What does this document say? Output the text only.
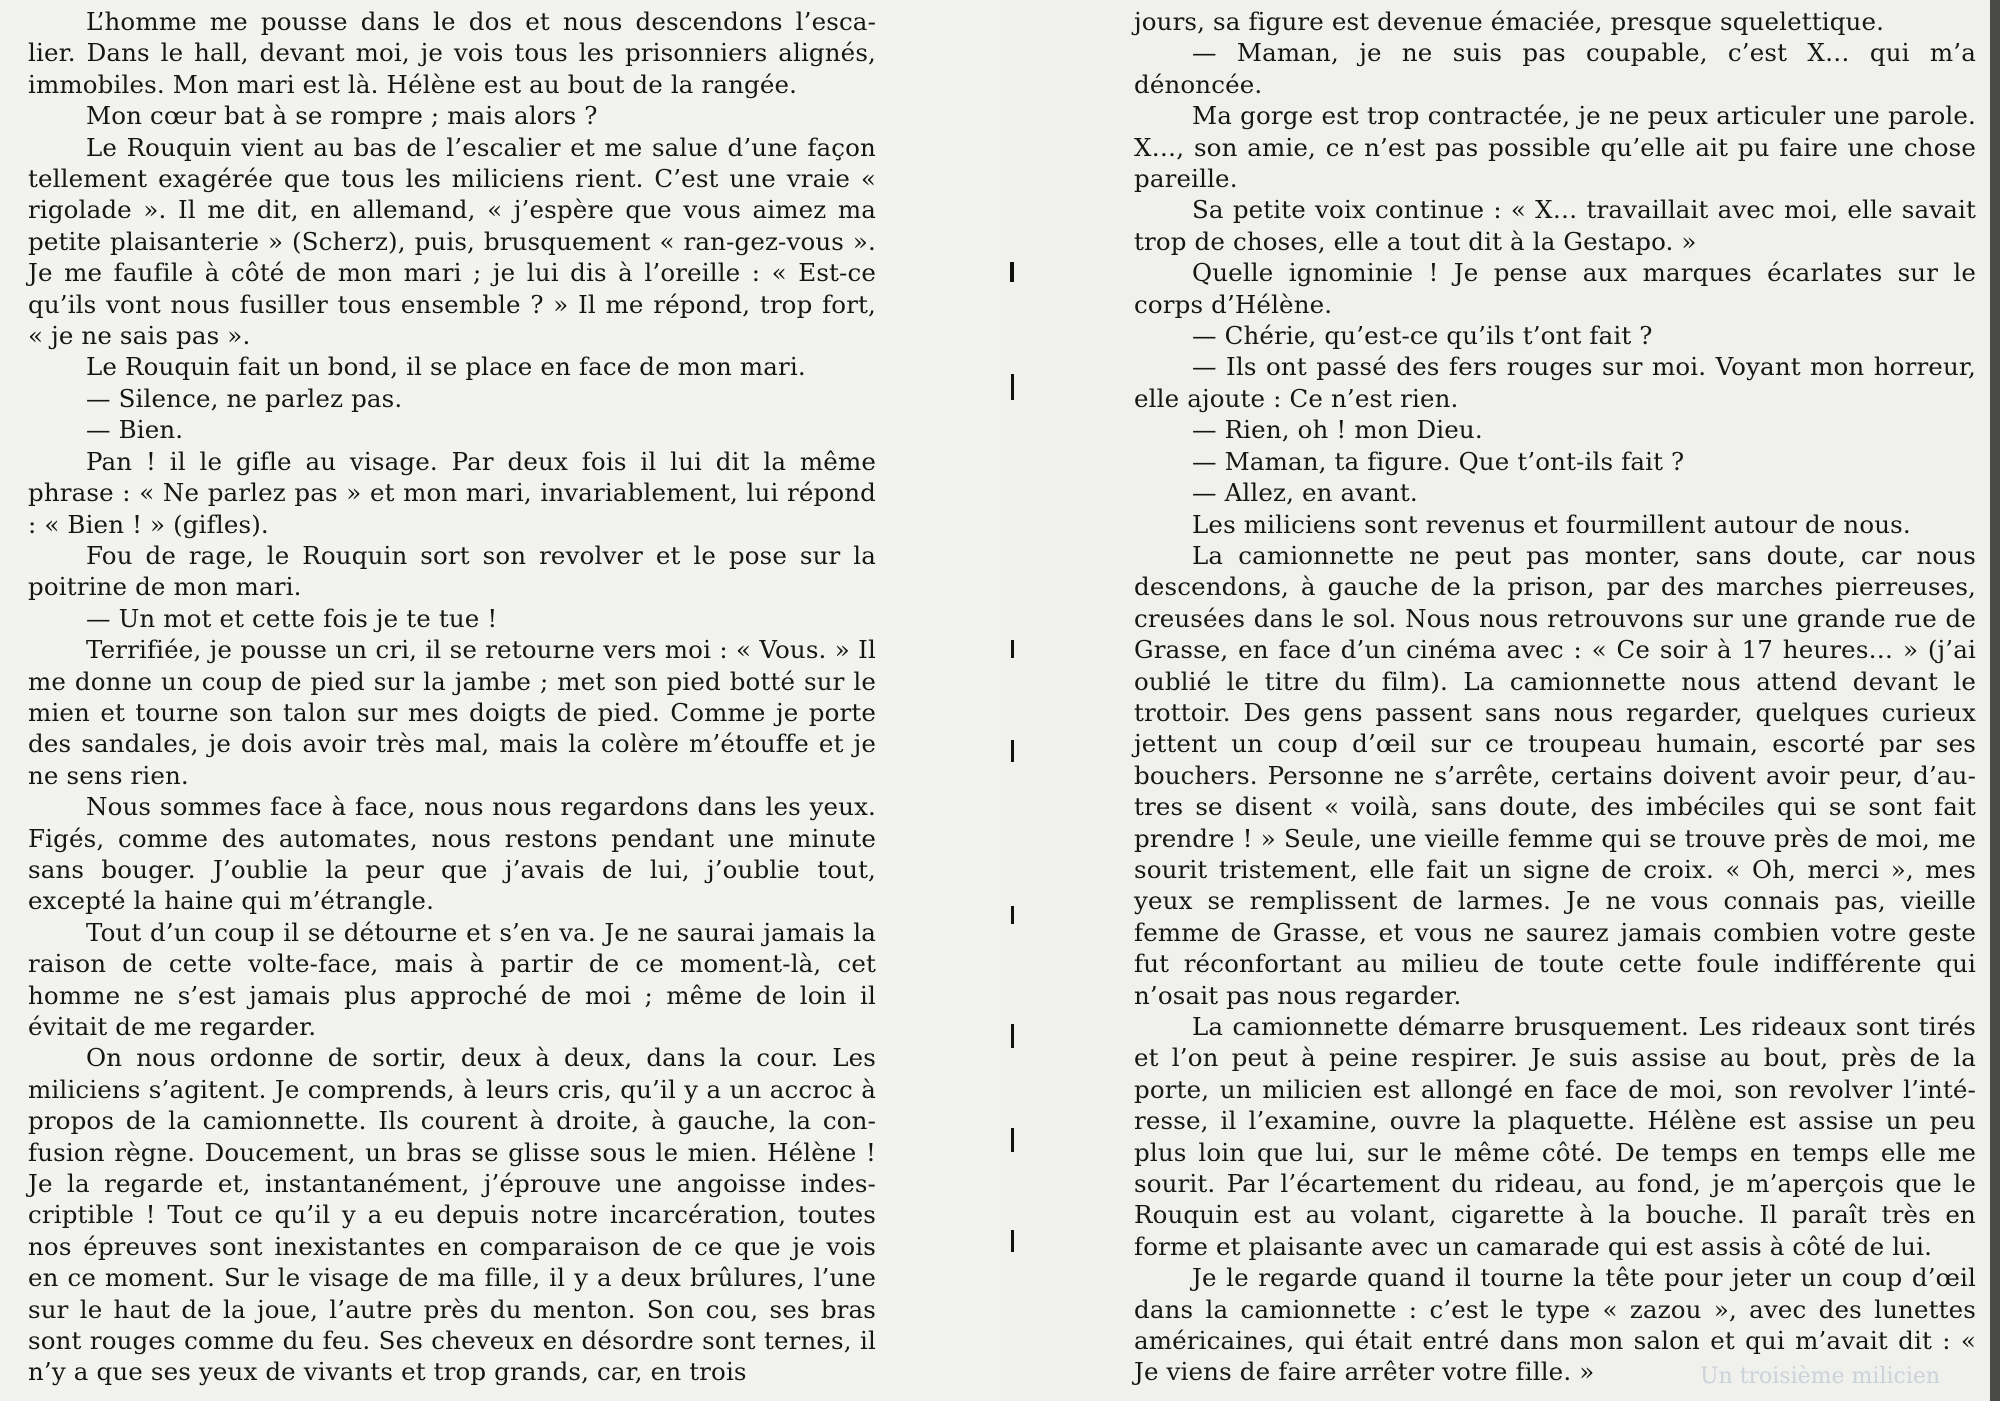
L’homme me pousse dans le dos et nous descendons l’esca-lier. Dans le hall, devant moi, je vois tous les prisonniers alignés, immobiles. Mon mari est là. Hélène est au bout de la rangée.

Mon cœur bat à se rompre ; mais alors ?

Le Rouquin vient au bas de l’escalier et me salue d’une façon tellement exagérée que tous les miliciens rient. C’est une vraie « rigolade ». Il me dit, en allemand, « j’espère que vous aimez ma petite plaisanterie » (Scherz), puis, brusquement « ran-gez-vous ». Je me faufile à côté de mon mari ; je lui dis à l’oreille : « Est-ce qu’ils vont nous fusiller tous ensemble ? » Il me répond, trop fort, « je ne sais pas ».

Le Rouquin fait un bond, il se place en face de mon mari.

— Silence, ne parlez pas.

— Bien.

Pan ! il le gifle au visage. Par deux fois il lui dit la même phrase : « Ne parlez pas » et mon mari, invariablement, lui répond : « Bien ! » (gifles).

Fou de rage, le Rouquin sort son revolver et le pose sur la poitrine de mon mari.

— Un mot et cette fois je te tue !

Terrifiée, je pousse un cri, il se retourne vers moi : « Vous. » Il me donne un coup de pied sur la jambe ; met son pied botté sur le mien et tourne son talon sur mes doigts de pied. Comme je porte des sandales, je dois avoir très mal, mais la colère m’étouffe et je ne sens rien.

Nous sommes face à face, nous nous regardons dans les yeux. Figés, comme des automates, nous restons pendant une minute sans bouger. J’oublie la peur que j’avais de lui, j’oublie tout, excepté la haine qui m’étrangle.

Tout d’un coup il se détourne et s’en va. Je ne saurai jamais la raison de cette volte-face, mais à partir de ce moment-là, cet homme ne s’est jamais plus approché de moi ; même de loin il évitait de me regarder.

On nous ordonne de sortir, deux à deux, dans la cour. Les miliciens s’agitent. Je comprends, à leurs cris, qu’il y a un accroc à propos de la camionnette. Ils courent à droite, à gauche, la con-fusion règne. Doucement, un bras se glisse sous le mien. Hélène ! Je la regarde et, instantanément, j’éprouve une angoisse indes-criptible ! Tout ce qu’il y a eu depuis notre incarcération, toutes nos épreuves sont inexistantes en comparaison de ce que je vois en ce moment. Sur le visage de ma fille, il y a deux brûlures, l’une sur le haut de la joue, l’autre près du menton. Son cou, ses bras sont rouges comme du feu. Ses cheveux en désordre sont ternes, il n’y a que ses yeux de vivants et trop grands, car, en trois

jours, sa figure est devenue émaciée, presque squelettique.

— Maman, je ne suis pas coupable, c’est X… qui m’a dénoncée.

Ma gorge est trop contractée, je ne peux articuler une parole. X…, son amie, ce n’est pas possible qu’elle ait pu faire une chose pareille.

Sa petite voix continue : « X… travaillait avec moi, elle savait trop de choses, elle a tout dit à la Gestapo. »

Quelle ignominie ! Je pense aux marques écarlates sur le corps d’Hélène.

— Chérie, qu’est-ce qu’ils t’ont fait ?

— Ils ont passé des fers rouges sur moi. Voyant mon horreur, elle ajoute : Ce n’est rien.

— Rien, oh ! mon Dieu.

— Maman, ta figure. Que t’ont-ils fait ?

— Allez, en avant.

Les miliciens sont revenus et fourmillent autour de nous.

La camionnette ne peut pas monter, sans doute, car nous descendons, à gauche de la prison, par des marches pierreuses, creusées dans le sol. Nous nous retrouvons sur une grande rue de Grasse, en face d’un cinéma avec : « Ce soir à 17 heures… » (j’ai oublié le titre du film). La camionnette nous attend devant le trottoir. Des gens passent sans nous regarder, quelques curieux jettent un coup d’œil sur ce troupeau humain, escorté par ses bouchers. Personne ne s’arrête, certains doivent avoir peur, d’au-tres se disent « voilà, sans doute, des imbéciles qui se sont fait prendre ! » Seule, une vieille femme qui se trouve près de moi, me sourit tristement, elle fait un signe de croix. « Oh, merci », mes yeux se remplissent de larmes. Je ne vous connais pas, vieille femme de Grasse, et vous ne saurez jamais combien votre geste fut réconfortant au milieu de toute cette foule indifférente qui n’osait pas nous regarder.

La camionnette démarre brusquement. Les rideaux sont tirés et l’on peut à peine respirer. Je suis assise au bout, près de la porte, un milicien est allongé en face de moi, son revolver l’inté-resse, il l’examine, ouvre la plaquette. Hélène est assise un peu plus loin que lui, sur le même côté. De temps en temps elle me sourit. Par l’écartement du rideau, au fond, je m’aperçois que le Rouquin est au volant, cigarette à la bouche. Il paraît très en forme et plaisante avec un camarade qui est assis à côté de lui.

Je le regarde quand il tourne la tête pour jeter un coup d’œil dans la camionnette : c’est le type « zazou », avec des lunettes américaines, qui était entré dans mon salon et qui m’avait dit : « Je viens de faire arrêter votre fille. »	Un troisième milicien
